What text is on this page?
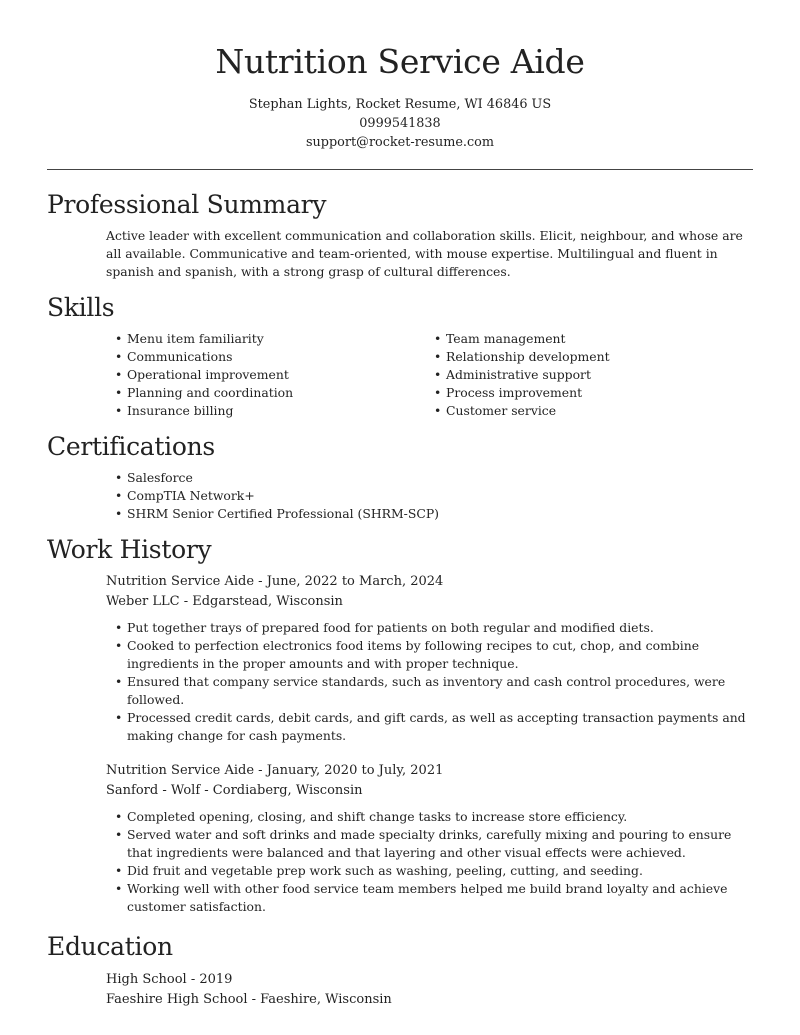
Nutrition Service Aide
Stephan Lights, Rocket Resume, WI 46846 US
0999541838
support@rocket-resume.com
Professional Summary

Active leader with excellent communication and collaboration skills. Elicit, neighbour, and whose are all available. Communicative and team-oriented, with mouse expertise. Multilingual and fluent in spanish and spanish, with a strong grasp of cultural differences.

Skills
• Menu item familiarity
• Communications
• Operational improvement
• Planning and coordination
• Insurance billing
• Team management
• Relationship development
• Administrative support
• Process improvement
• Customer service
Certifications
• Salesforce
• CompTIA Network+
• SHRM Senior Certified Professional (SHRM-SCP)
Work History
Nutrition Service Aide - June, 2022 to March, 2024
Weber LLC - Edgarstead, Wisconsin
• Put together trays of prepared food for patients on both regular and modified diets.
• Cooked to perfection electronics food items by following recipes to cut, chop, and combine ingredients in the proper amounts and with proper technique.
• Ensured that company service standards, such as inventory and cash control procedures, were followed.
• Processed credit cards, debit cards, and gift cards, as well as accepting transaction payments and making change for cash payments.
Nutrition Service Aide - January, 2020 to July, 2021
Sanford - Wolf - Cordiaberg, Wisconsin
• Completed opening, closing, and shift change tasks to increase store efficiency.
• Served water and soft drinks and made specialty drinks, carefully mixing and pouring to ensure that ingredients were balanced and that layering and other visual effects were achieved.
• Did fruit and vegetable prep work such as washing, peeling, cutting, and seeding.
• Working well with other food service team members helped me build brand loyalty and achieve customer satisfaction.
Education
High School - 2019
Faeshire High School - Faeshire, Wisconsin
